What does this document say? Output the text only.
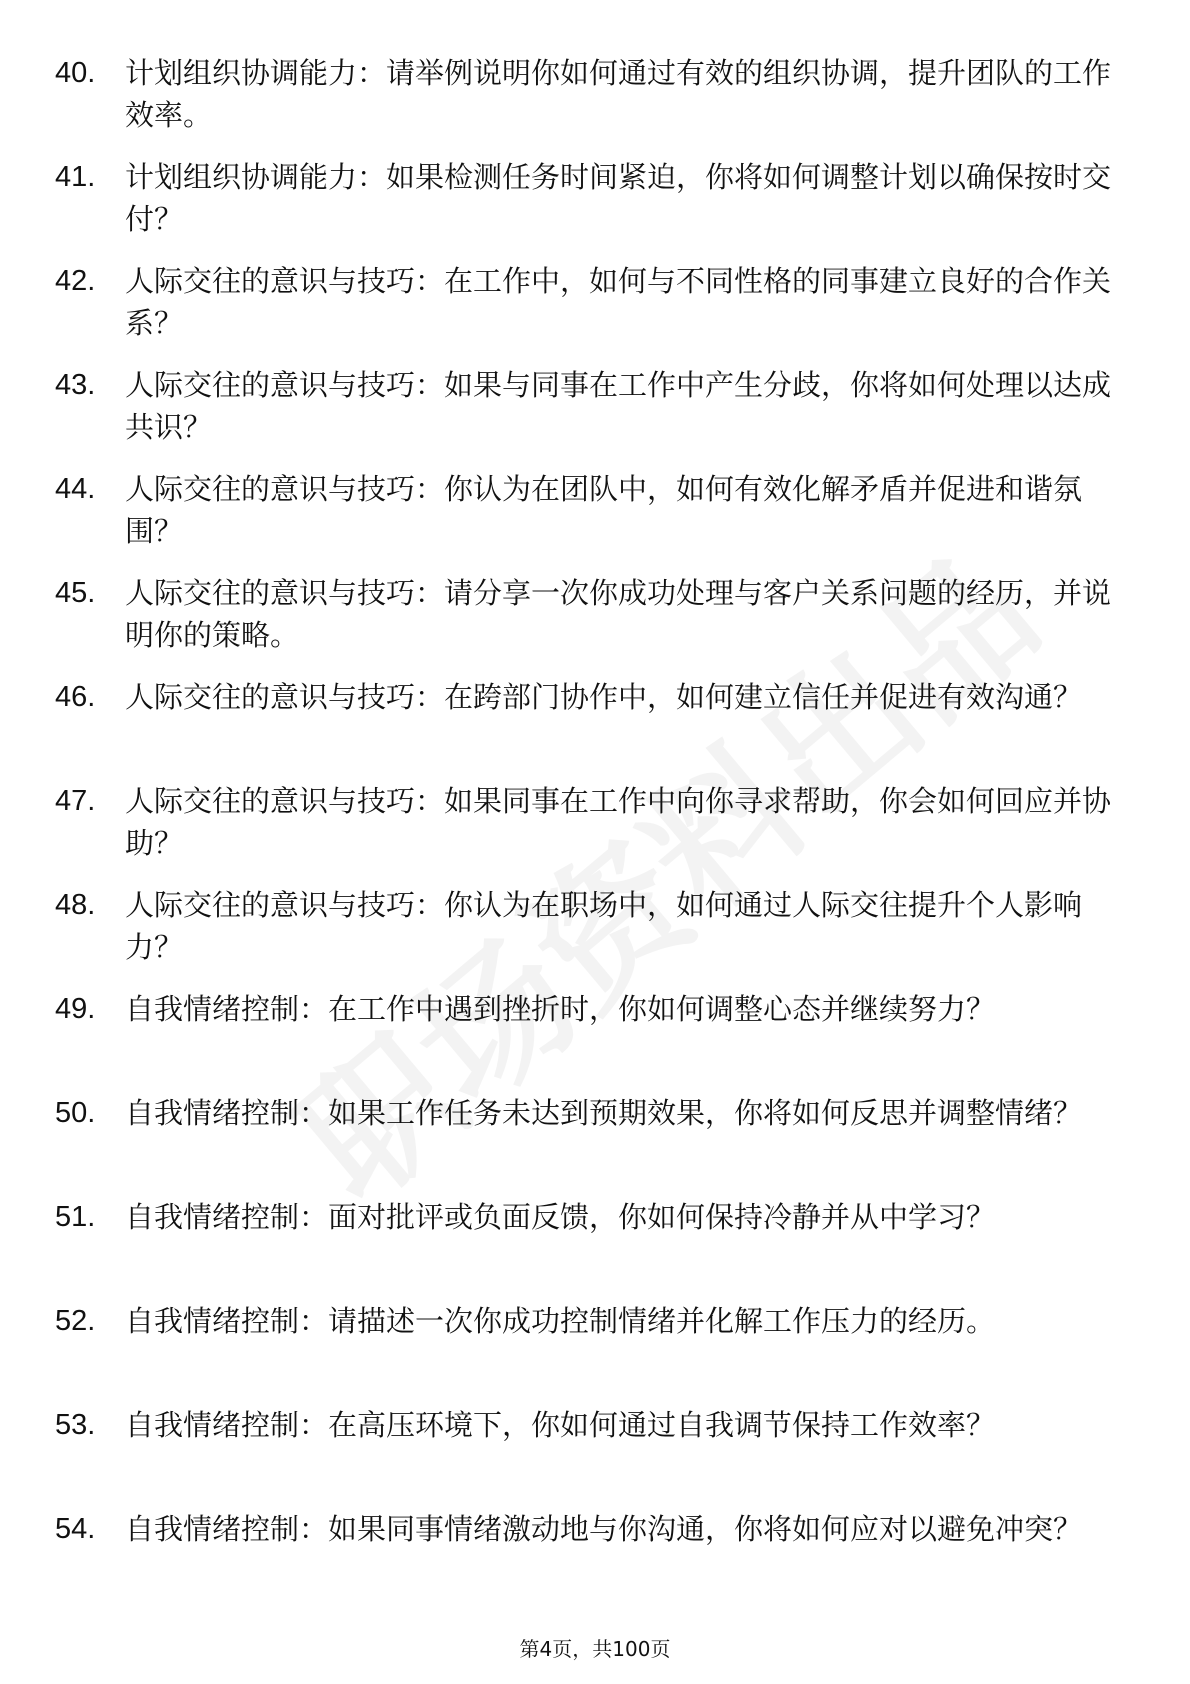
40.	计划组织协调能力：请举例说明你如何通过有效的组织协调，提升团队的工作效率。
41.	计划组织协调能力：如果检测任务时间紧迫，你将如何调整计划以确保按时交付？
42.	人际交往的意识与技巧：在工作中，如何与不同性格的同事建立良好的合作关系？
43.	人际交往的意识与技巧：如果与同事在工作中产生分歧，你将如何处理以达成共识？
44.	人际交往的意识与技巧：你认为在团队中，如何有效化解矛盾并促进和谐氛围？
45.	人际交往的意识与技巧：请分享一次你成功处理与客户关系问题的经历，并说明你的策略。
46.	人际交往的意识与技巧：在跨部门协作中，如何建立信任并促进有效沟通？
47.	人际交往的意识与技巧：如果同事在工作中向你寻求帮助，你会如何回应并协助？
48.	人际交往的意识与技巧：你认为在职场中，如何通过人际交往提升个人影响力？
49.	自我情绪控制：在工作中遇到挫折时，你如何调整心态并继续努力？
50.	自我情绪控制：如果工作任务未达到预期效果，你将如何反思并调整情绪？
51.	自我情绪控制：面对批评或负面反馈，你如何保持冷静并从中学习？
52.	自我情绪控制：请描述一次你成功控制情绪并化解工作压力的经历。
53.	自我情绪控制：在高压环境下，你如何通过自我调节保持工作效率？
54.	自我情绪控制：如果同事情绪激动地与你沟通，你将如何应对以避免冲突？
第4页，共100页
